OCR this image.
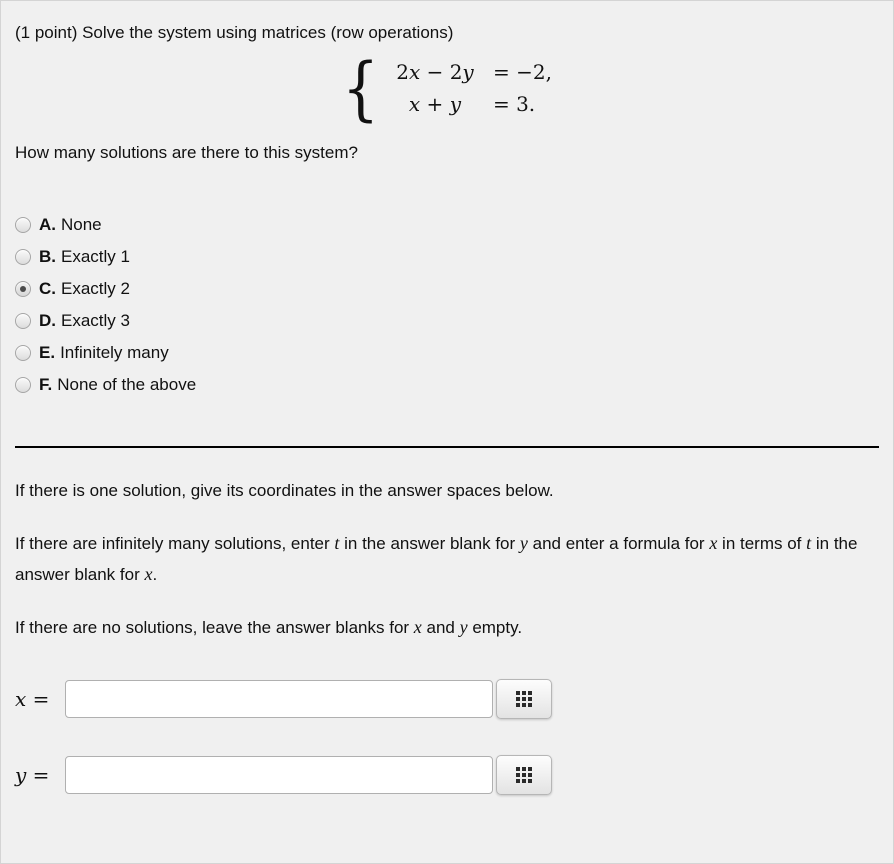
(1 point) Solve the system using matrices (row operations)
{ 2x − 2y = −2,
x + y	= 3.
How many solutions are there to this system?
A. None
B. Exactly 1
C. Exactly 2
D. Exactly 3
E. Infinitely many
F. None of the above

If there is one solution, give its coordinates in the answer spaces below.

If there are infinitely many solutions, enter t in the answer blank for y and enter a formula for x in terms of t in the answer blank for x.

If there are no solutions, leave the answer blanks for x and y empty.

x =
y =
